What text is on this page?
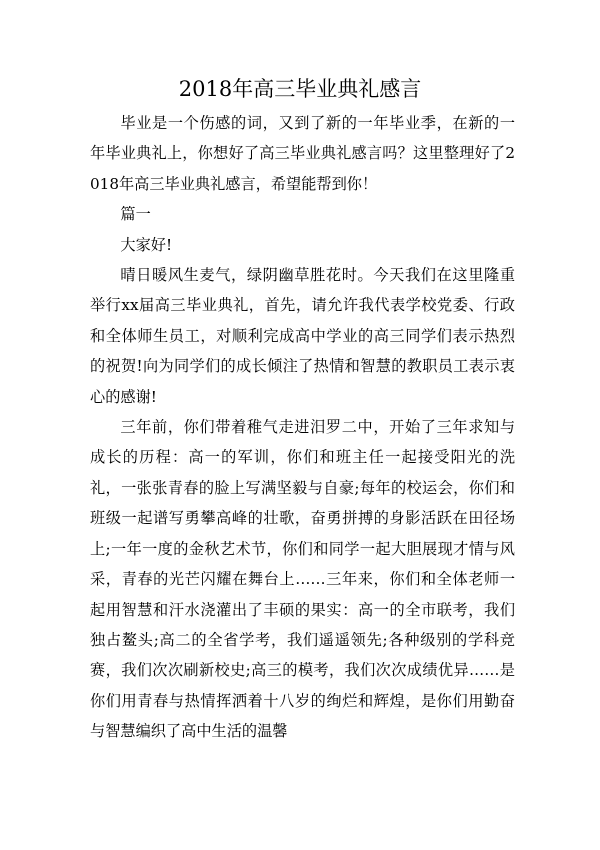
2018年高三毕业典礼感言

毕业是一个伤感的词，又到了新的一年毕业季，在新的一年毕业典礼上，你想好了高三毕业典礼感言吗？这里整理好了2018年高三毕业典礼感言，希望能帮到你！

篇一

大家好!

晴日暖风生麦气，绿阴幽草胜花时。今天我们在这里隆重举行xx届高三毕业典礼，首先，请允许我代表学校党委、行政和全体师生员工，对顺利完成高中学业的高三同学们表示热烈的祝贺!向为同学们的成长倾注了热情和智慧的教职员工表示衷心的感谢!

三年前，你们带着稚气走进汨罗二中，开始了三年求知与成长的历程：高一的军训，你们和班主任一起接受阳光的洗礼，一张张青春的脸上写满坚毅与自豪;每年的校运会，你们和班级一起谱写勇攀高峰的壮歌，奋勇拼搏的身影活跃在田径场上;一年一度的金秋艺术节，你们和同学一起大胆展现才情与风采，青春的光芒闪耀在舞台上……三年来，你们和全体老师一起用智慧和汗水浇灌出了丰硕的果实：高一的全市联考，我们独占鳌头;高二的全省学考，我们遥遥领先;各种级别的学科竞赛，我们次次刷新校史;高三的模考，我们次次成绩优异……是你们用青春与热情挥洒着十八岁的绚烂和辉煌，是你们用勤奋与智慧编织了高中生活的温馨
